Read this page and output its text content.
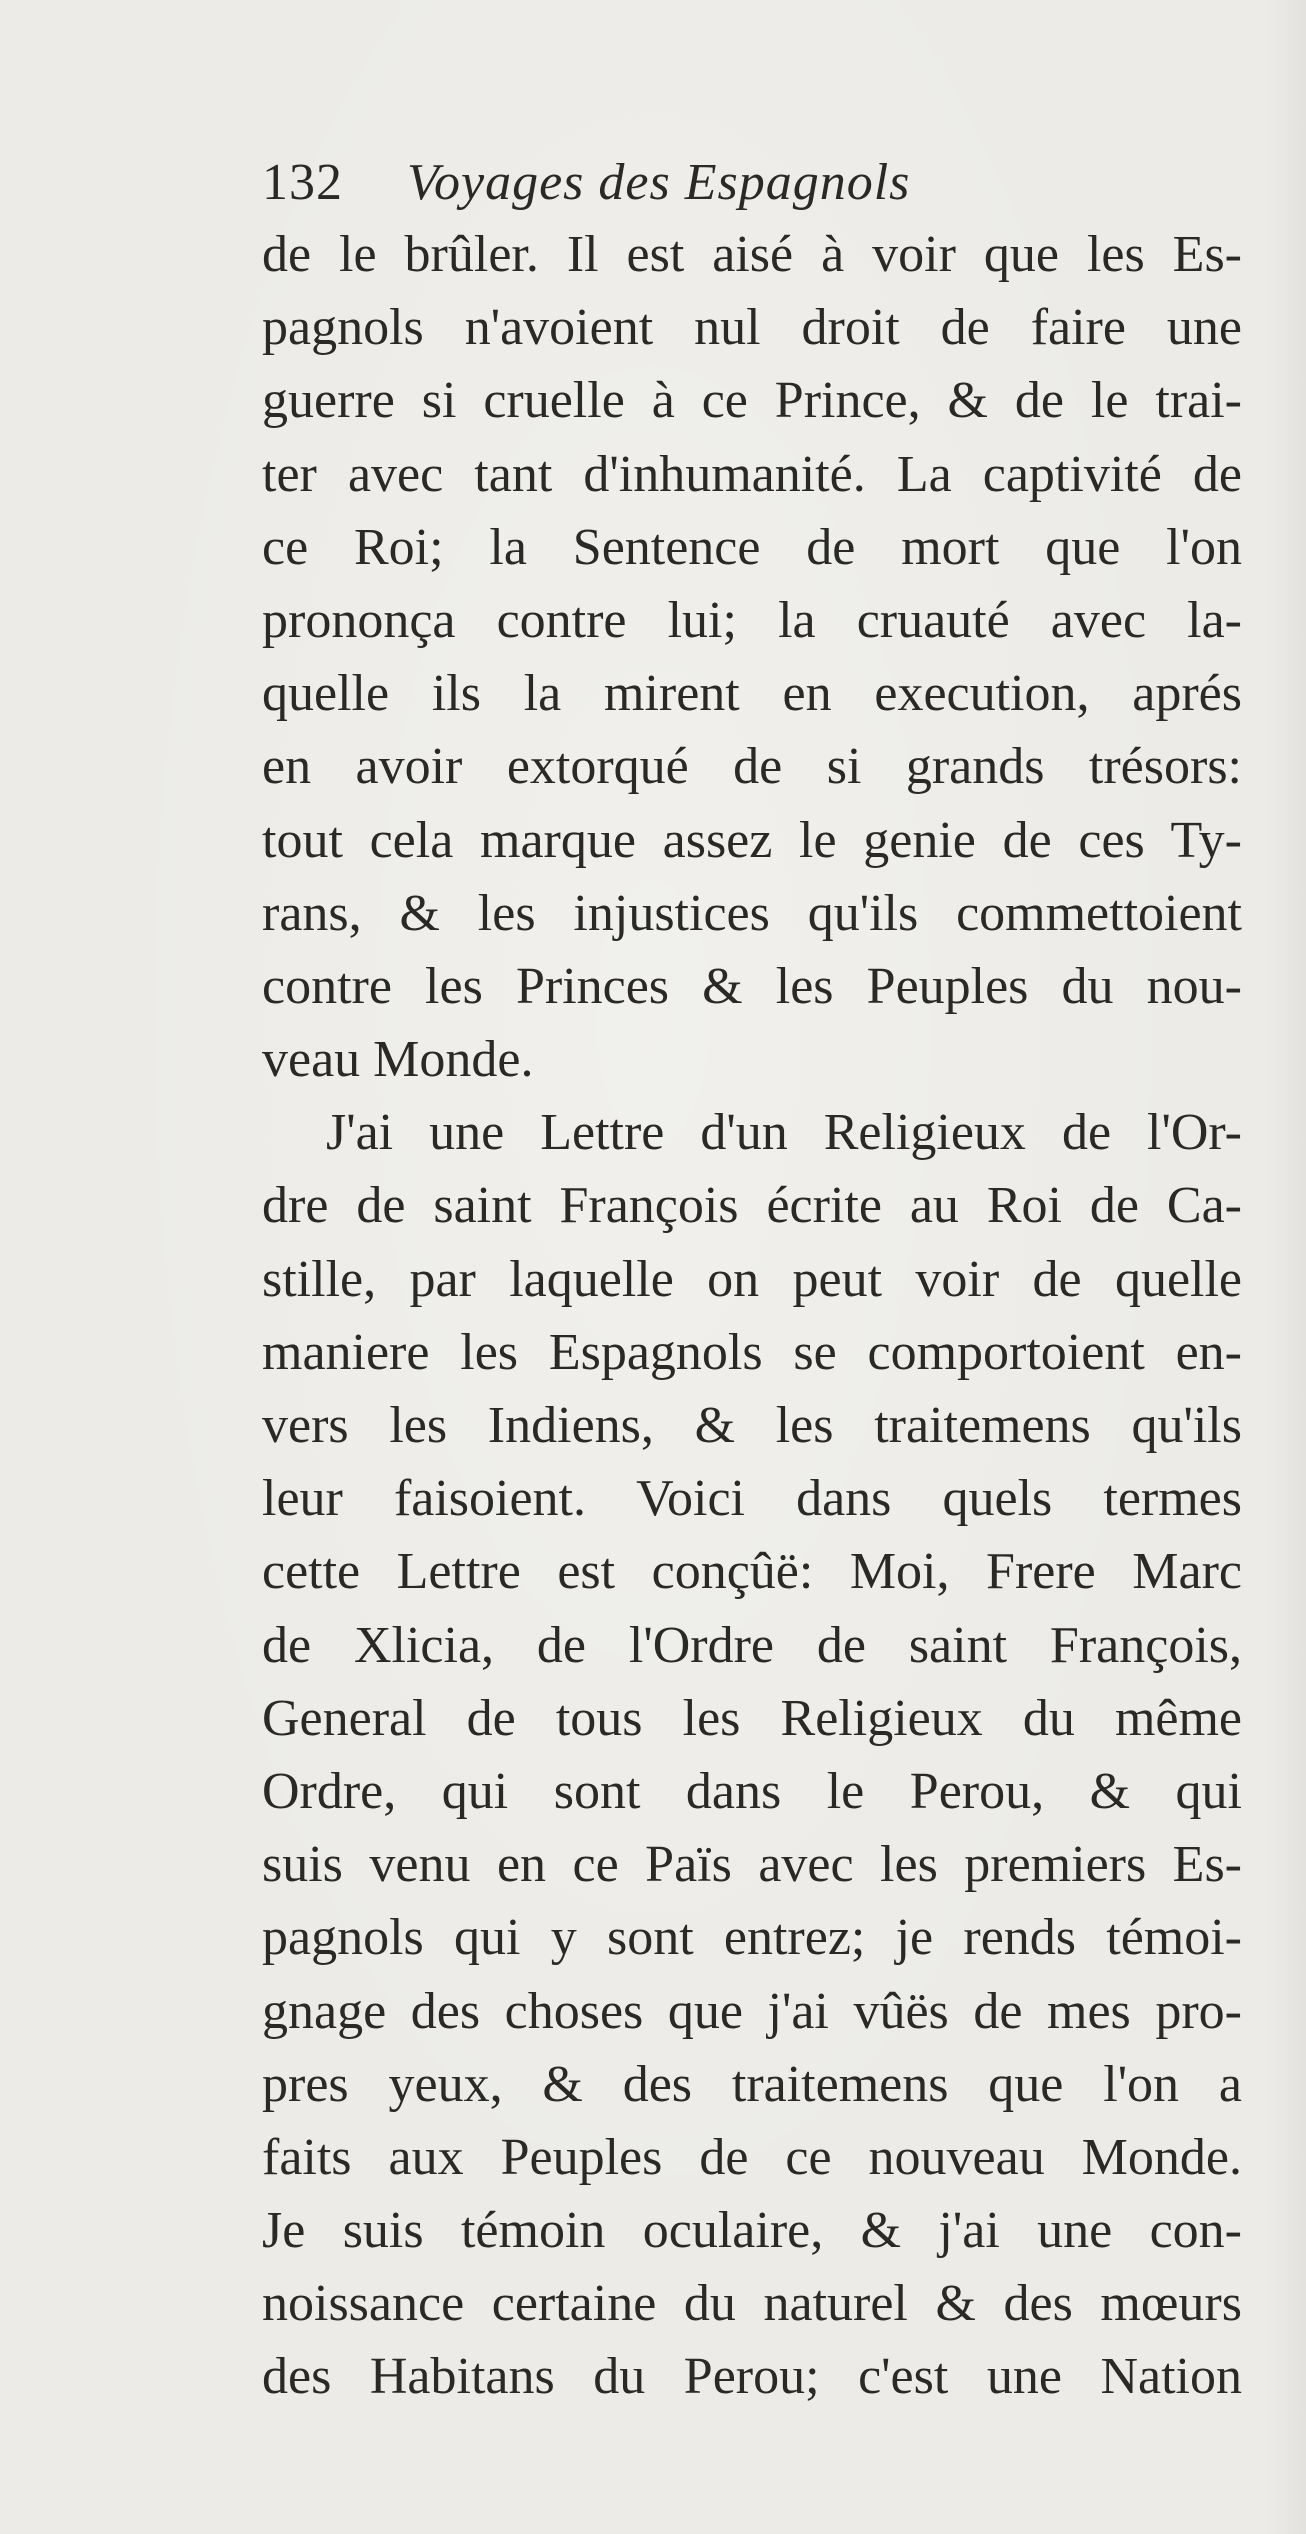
132 Voyages des Espagnols
de le brûler. Il est aisé à voir que les Es-
pagnols n'avoient nul droit de faire une
guerre si cruelle à ce Prince, & de le trai-
ter avec tant d'inhumanité. La captivité de
ce Roi; la Sentence de mort que l'on
prononça contre lui; la cruauté avec la-
quelle ils la mirent en execution, aprés
en avoir extorqué de si grands trésors:
tout cela marque assez le genie de ces Ty-
rans, & les injustices qu'ils commettoient
contre les Princes & les Peuples du nou-
veau Monde.
J'ai une Lettre d'un Religieux de l'Or-
dre de saint François écrite au Roi de Ca-
stille, par laquelle on peut voir de quelle
maniere les Espagnols se comportoient en-
vers les Indiens, & les traitemens qu'ils
leur faisoient. Voici dans quels termes
cette Lettre est conçûë: Moi, Frere Marc
de Xlicia, de l'Ordre de saint François,
General de tous les Religieux du même
Ordre, qui sont dans le Perou, & qui
suis venu en ce Païs avec les premiers Es-
pagnols qui y sont entrez; je rends témoi-
gnage des choses que j'ai vûës de mes pro-
pres yeux, & des traitemens que l'on a
faits aux Peuples de ce nouveau Monde.
Je suis témoin oculaire, & j'ai une con-
noissance certaine du naturel & des mœurs
des Habitans du Perou; c'est une Nation
